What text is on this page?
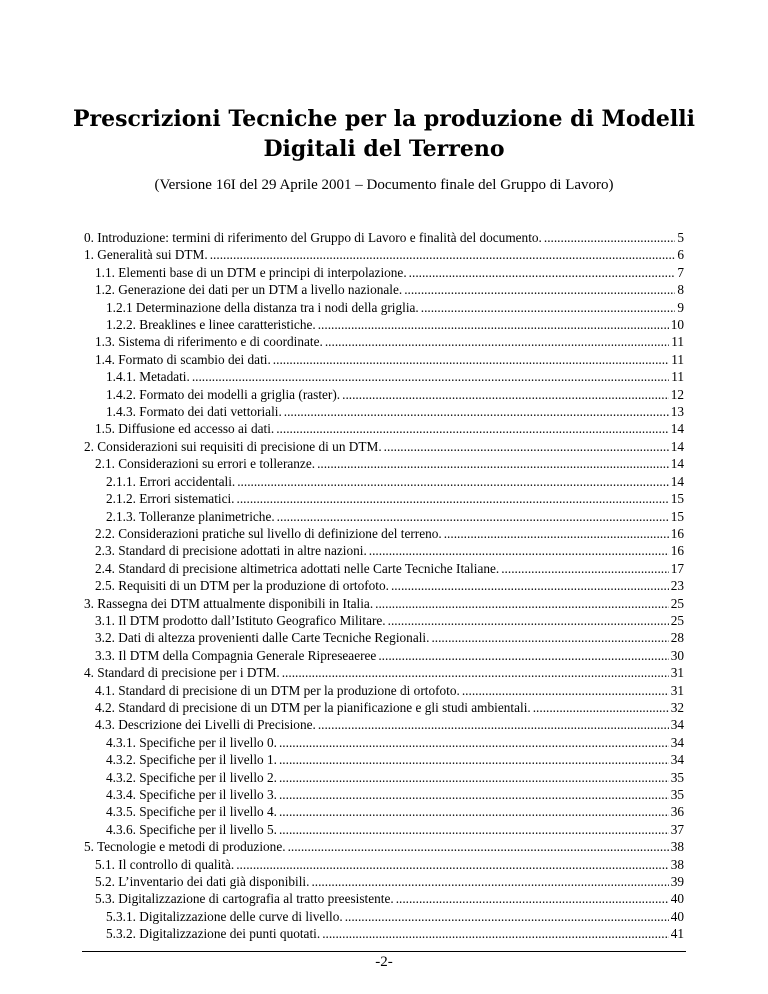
Prescrizioni Tecniche per la produzione di Modelli
Digitali del Terreno
(Versione 16I del 29 Aprile 2001 – Documento finale del Gruppo di Lavoro)
0. Introduzione: termini di riferimento del Gruppo di Lavoro e finalità del documento. .....	5
1. Generalità sui DTM. .....	6
1.1. Elementi base di un DTM e principi di interpolazione. .....	7
1.2. Generazione dei dati per un DTM a livello nazionale. .....	8
1.2.1 Determinazione della distanza tra i nodi della griglia. .....	9
1.2.2. Breaklines e linee caratteristiche. .....	10
1.3. Sistema di riferimento e di coordinate. .....	11
1.4. Formato di scambio dei dati. .....	11
1.4.1. Metadati. .....	11
1.4.2. Formato dei modelli a griglia (raster). .....	12
1.4.3. Formato dei dati vettoriali. .....	13
1.5. Diffusione ed accesso ai dati. .....	14
2. Considerazioni sui requisiti di precisione di un DTM. .....	14
2.1. Considerazioni su errori e tolleranze. .....	14
2.1.1. Errori accidentali. .....	14
2.1.2. Errori sistematici. .....	15
2.1.3. Tolleranze planimetriche. .....	15
2.2. Considerazioni pratiche sul livello di definizione del terreno. .....	16
2.3. Standard di precisione adottati in altre nazioni. .....	16
2.4. Standard di precisione altimetrica adottati nelle Carte Tecniche Italiane. .....	17
2.5. Requisiti di un DTM per la produzione di ortofoto. .....	23
3. Rassegna dei DTM attualmente disponibili in Italia. .....	25
3.1. Il DTM prodotto dall’Istituto Geografico Militare. .....	25
3.2. Dati di altezza provenienti dalle Carte Tecniche Regionali. .....	28
3.3. Il DTM della Compagnia Generale Ripreseaeree .....	30
4. Standard di precisione per i DTM. .....	31
4.1. Standard di precisione di un DTM per la produzione di ortofoto. .....	31
4.2. Standard di precisione di un DTM per la pianificazione e gli studi ambientali. .....	32
4.3. Descrizione dei Livelli di Precisione. .....	34
4.3.1. Specifiche per il livello 0. .....	34
4.3.2. Specifiche per il livello 1. .....	34
4.3.2. Specifiche per il livello 2. .....	35
4.3.4. Specifiche per il livello 3. .....	35
4.3.5. Specifiche per il livello 4. .....	36
4.3.6. Specifiche per il livello 5. .....	37
5. Tecnologie e metodi di produzione. .....	38
5.1. Il controllo di qualità. .....	38
5.2. L’inventario dei dati già disponibili. .....	39
5.3. Digitalizzazione di cartografia al tratto preesistente. .....	40
5.3.1. Digitalizzazione delle curve di livello. .....	40
5.3.2. Digitalizzazione dei punti quotati. .....	41
-2-
